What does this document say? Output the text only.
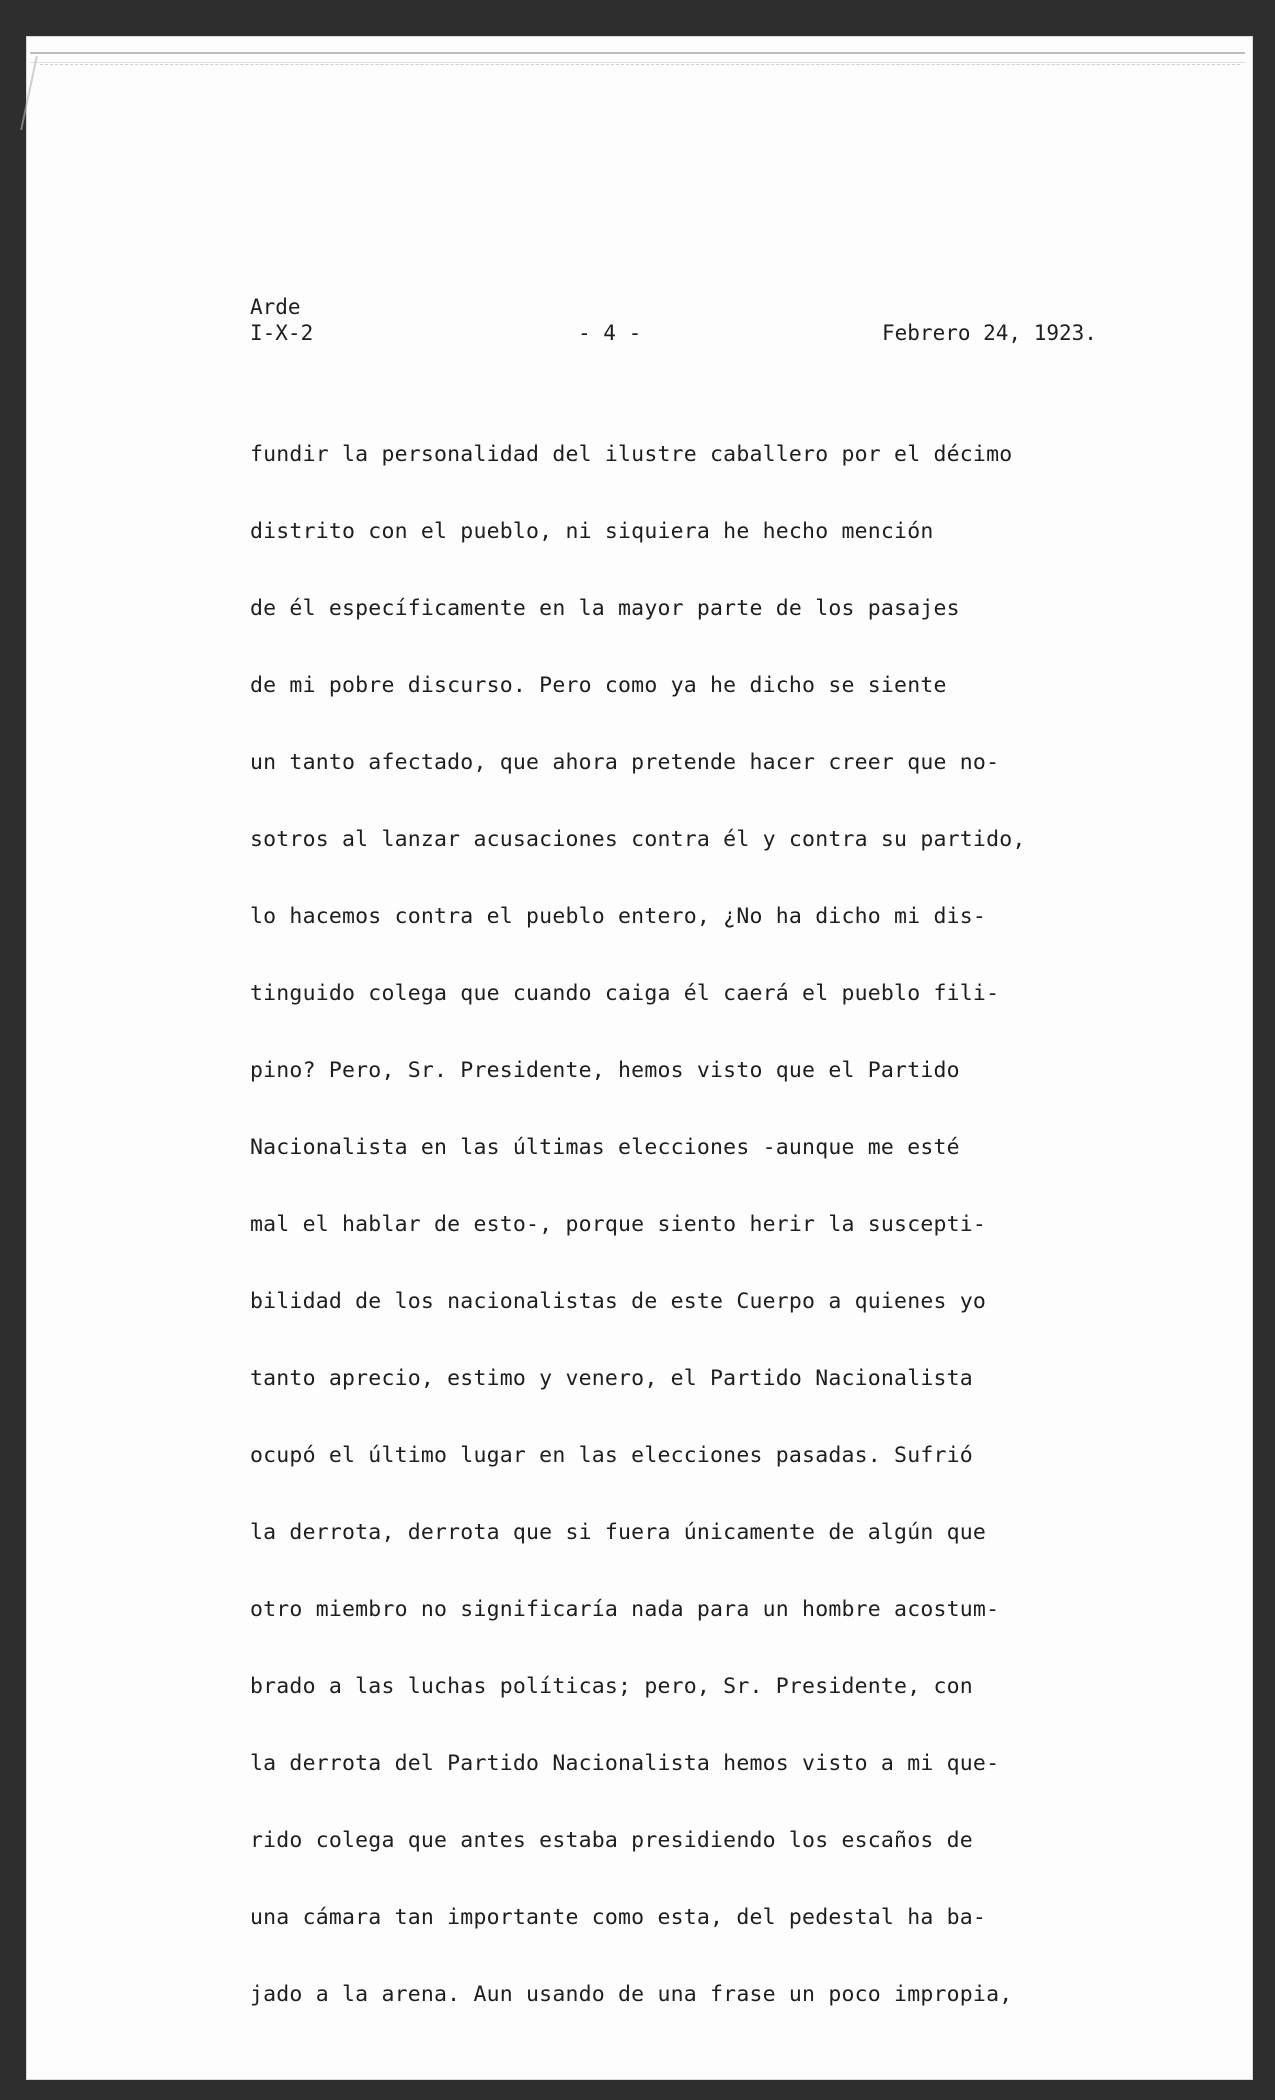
Arde
I-X-2	- 4 -	Febrero 24, 1923.
fundir la personalidad del ilustre caballero por el décimo
distrito con el pueblo, ni siquiera he hecho mención
de él específicamente en la mayor parte de los pasajes
de mi pobre discurso. Pero como ya he dicho se siente
un tanto afectado, que ahora pretende hacer creer que no-
sotros al lanzar acusaciones contra él y contra su partido,
lo hacemos contra el pueblo entero, ¿No ha dicho mi dis-
tinguido colega que cuando caiga él caerá el pueblo fili-
pino? Pero, Sr. Presidente, hemos visto que el Partido
Nacionalista en las últimas elecciones -aunque me esté
mal el hablar de esto-, porque siento herir la suscepti-
bilidad de los nacionalistas de este Cuerpo a quienes yo
tanto aprecio, estimo y venero, el Partido Nacionalista
ocupó el último lugar en las elecciones pasadas. Sufrió
la derrota, derrota que si fuera únicamente de algún que
otro miembro no significaría nada para un hombre acostum-
brado a las luchas políticas; pero, Sr. Presidente, con
la derrota del Partido Nacionalista hemos visto a mi que-
rido colega que antes estaba presidiendo los escaños de
una cámara tan importante como esta, del pedestal ha ba-
jado a la arena. Aun usando de una frase un poco impropia,
